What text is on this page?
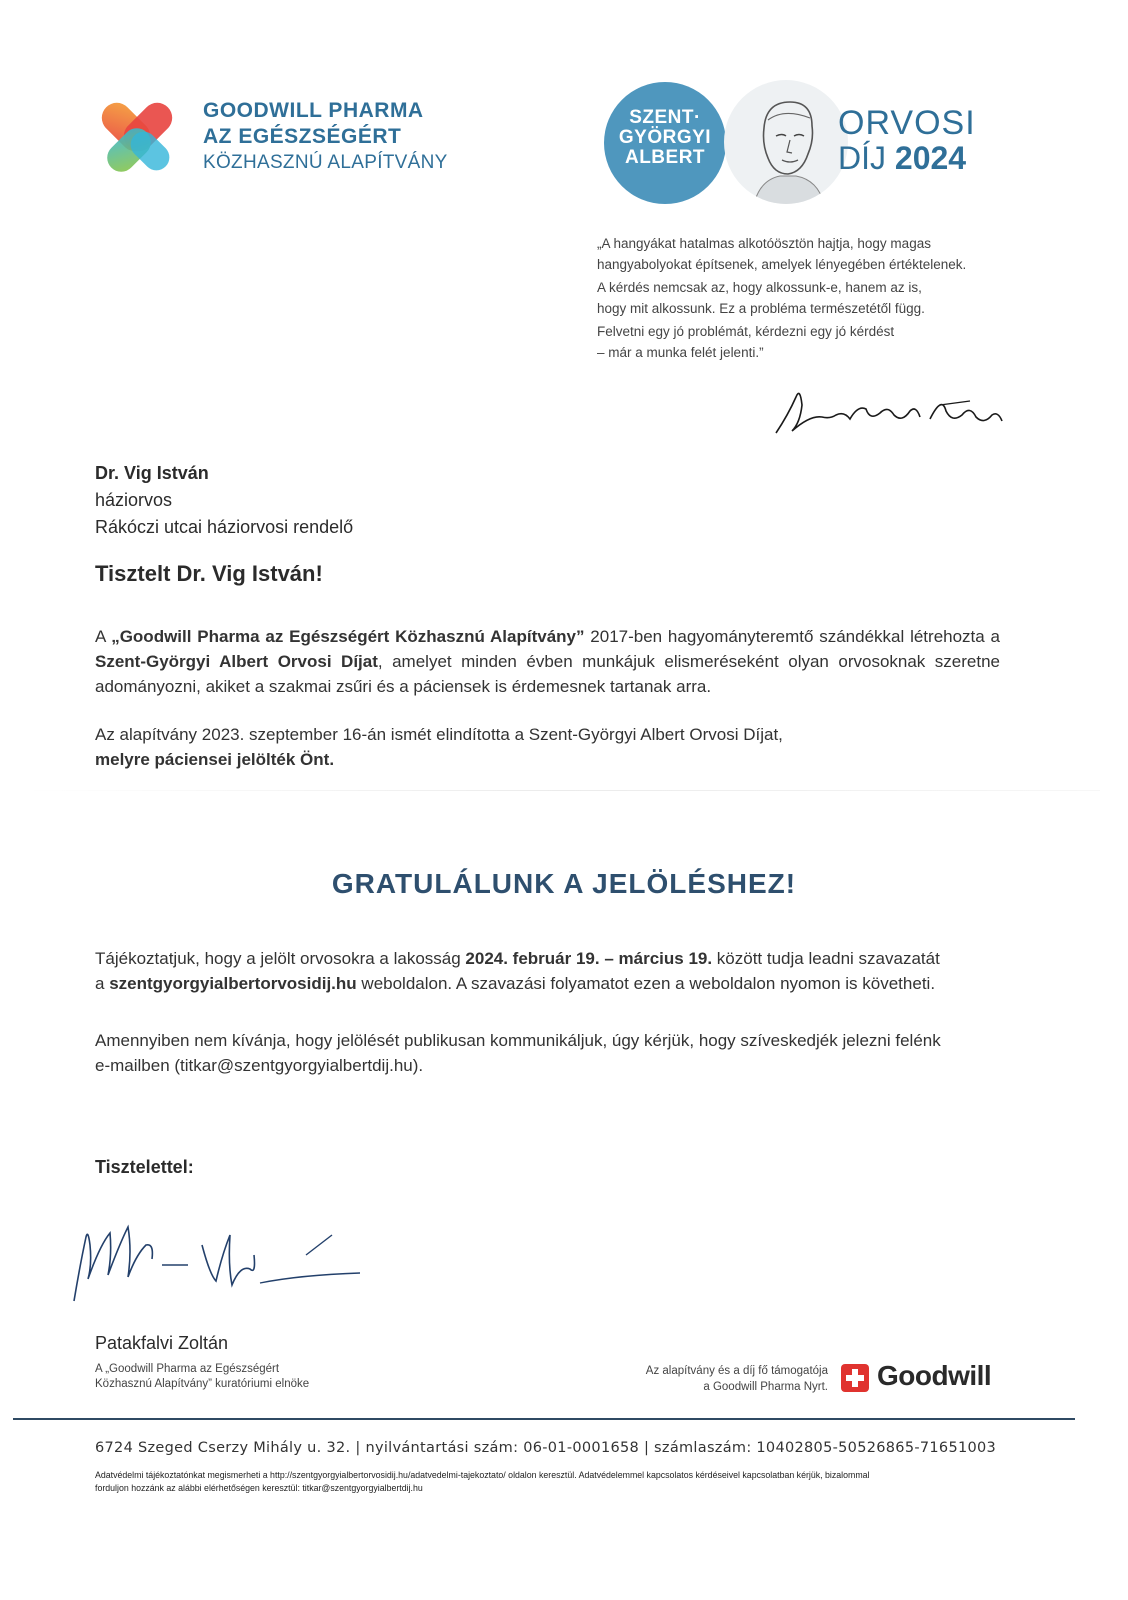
GOODWILL PHARMA
AZ EGÉSZSÉGÉRT
KÖZHASZNÚ ALAPÍTVÁNY
SZENT·
GYÖRGYI
ALBERT
ORVOSI
DÍJ 2024

„A hangyákat hatalmas alkotóösztön hajtja, hogy magas
hangyabolyokat építsenek, amelyek lényegében értéktelenek.

A kérdés nemcsak az, hogy alkossunk-e, hanem az is,
hogy mit alkossunk. Ez a probléma természetétől függ.

Felvetni egy jó problémát, kérdezni egy jó kérdést
– már a munka felét jelenti.”

Dr. Vig István
háziorvos
Rákóczi utcai háziorvosi rendelő
Tisztelt Dr. Vig István!

A „Goodwill Pharma az Egészségért Közhasznú Alapítvány” 2017-ben hagyományteremtő szándékkal létrehozta a Szent-Györgyi Albert Orvosi Díjat, amelyet minden évben munkájuk elismeréseként olyan orvosoknak szeretne adományozni, akiket a szakmai zsűri és a páciensek is érdemesnek tartanak arra.

Az alapítvány 2023. szeptember 16-án ismét elindította a Szent-Györgyi Albert Orvosi Díjat,
melyre páciensei jelölték Önt.

GRATULÁLUNK A JELÖLÉSHEZ!

Tájékoztatjuk, hogy a jelölt orvosokra a lakosság 2024. február 19. – március 19. között tudja leadni szavazatát
a szentgyorgyialbertorvosidij.hu weboldalon. A szavazási folyamatot ezen a weboldalon nyomon is követheti.

Amennyiben nem kívánja, hogy jelölését publikusan kommunikáljuk, úgy kérjük, hogy szíveskedjék jelezni felénk
e-mailben (titkar@szentgyorgyialbertdij.hu).

Tisztelettel:
Patakfalvi Zoltán
A „Goodwill Pharma az Egészségért
Közhasznú Alapítvány” kuratóriumi elnöke
Az alapítvány és a díj fő támogatója
a Goodwill Pharma Nyrt. Goodwill
6724 Szeged Cserzy Mihály u. 32. | nyilvántartási szám: 06-01-0001658 | számlaszám: 10402805-50526865-71651003
Adatvédelmi tájékoztatónkat megismerheti a http://szentgyorgyialbertorvosidij.hu/adatvedelmi-tajekoztato/ oldalon keresztül. Adatvédelemmel kapcsolatos kérdéseivel kapcsolatban kérjük, bizalommal
forduljon hozzánk az alábbi elérhetőségen keresztül: titkar@szentgyorgyialbertdij.hu
